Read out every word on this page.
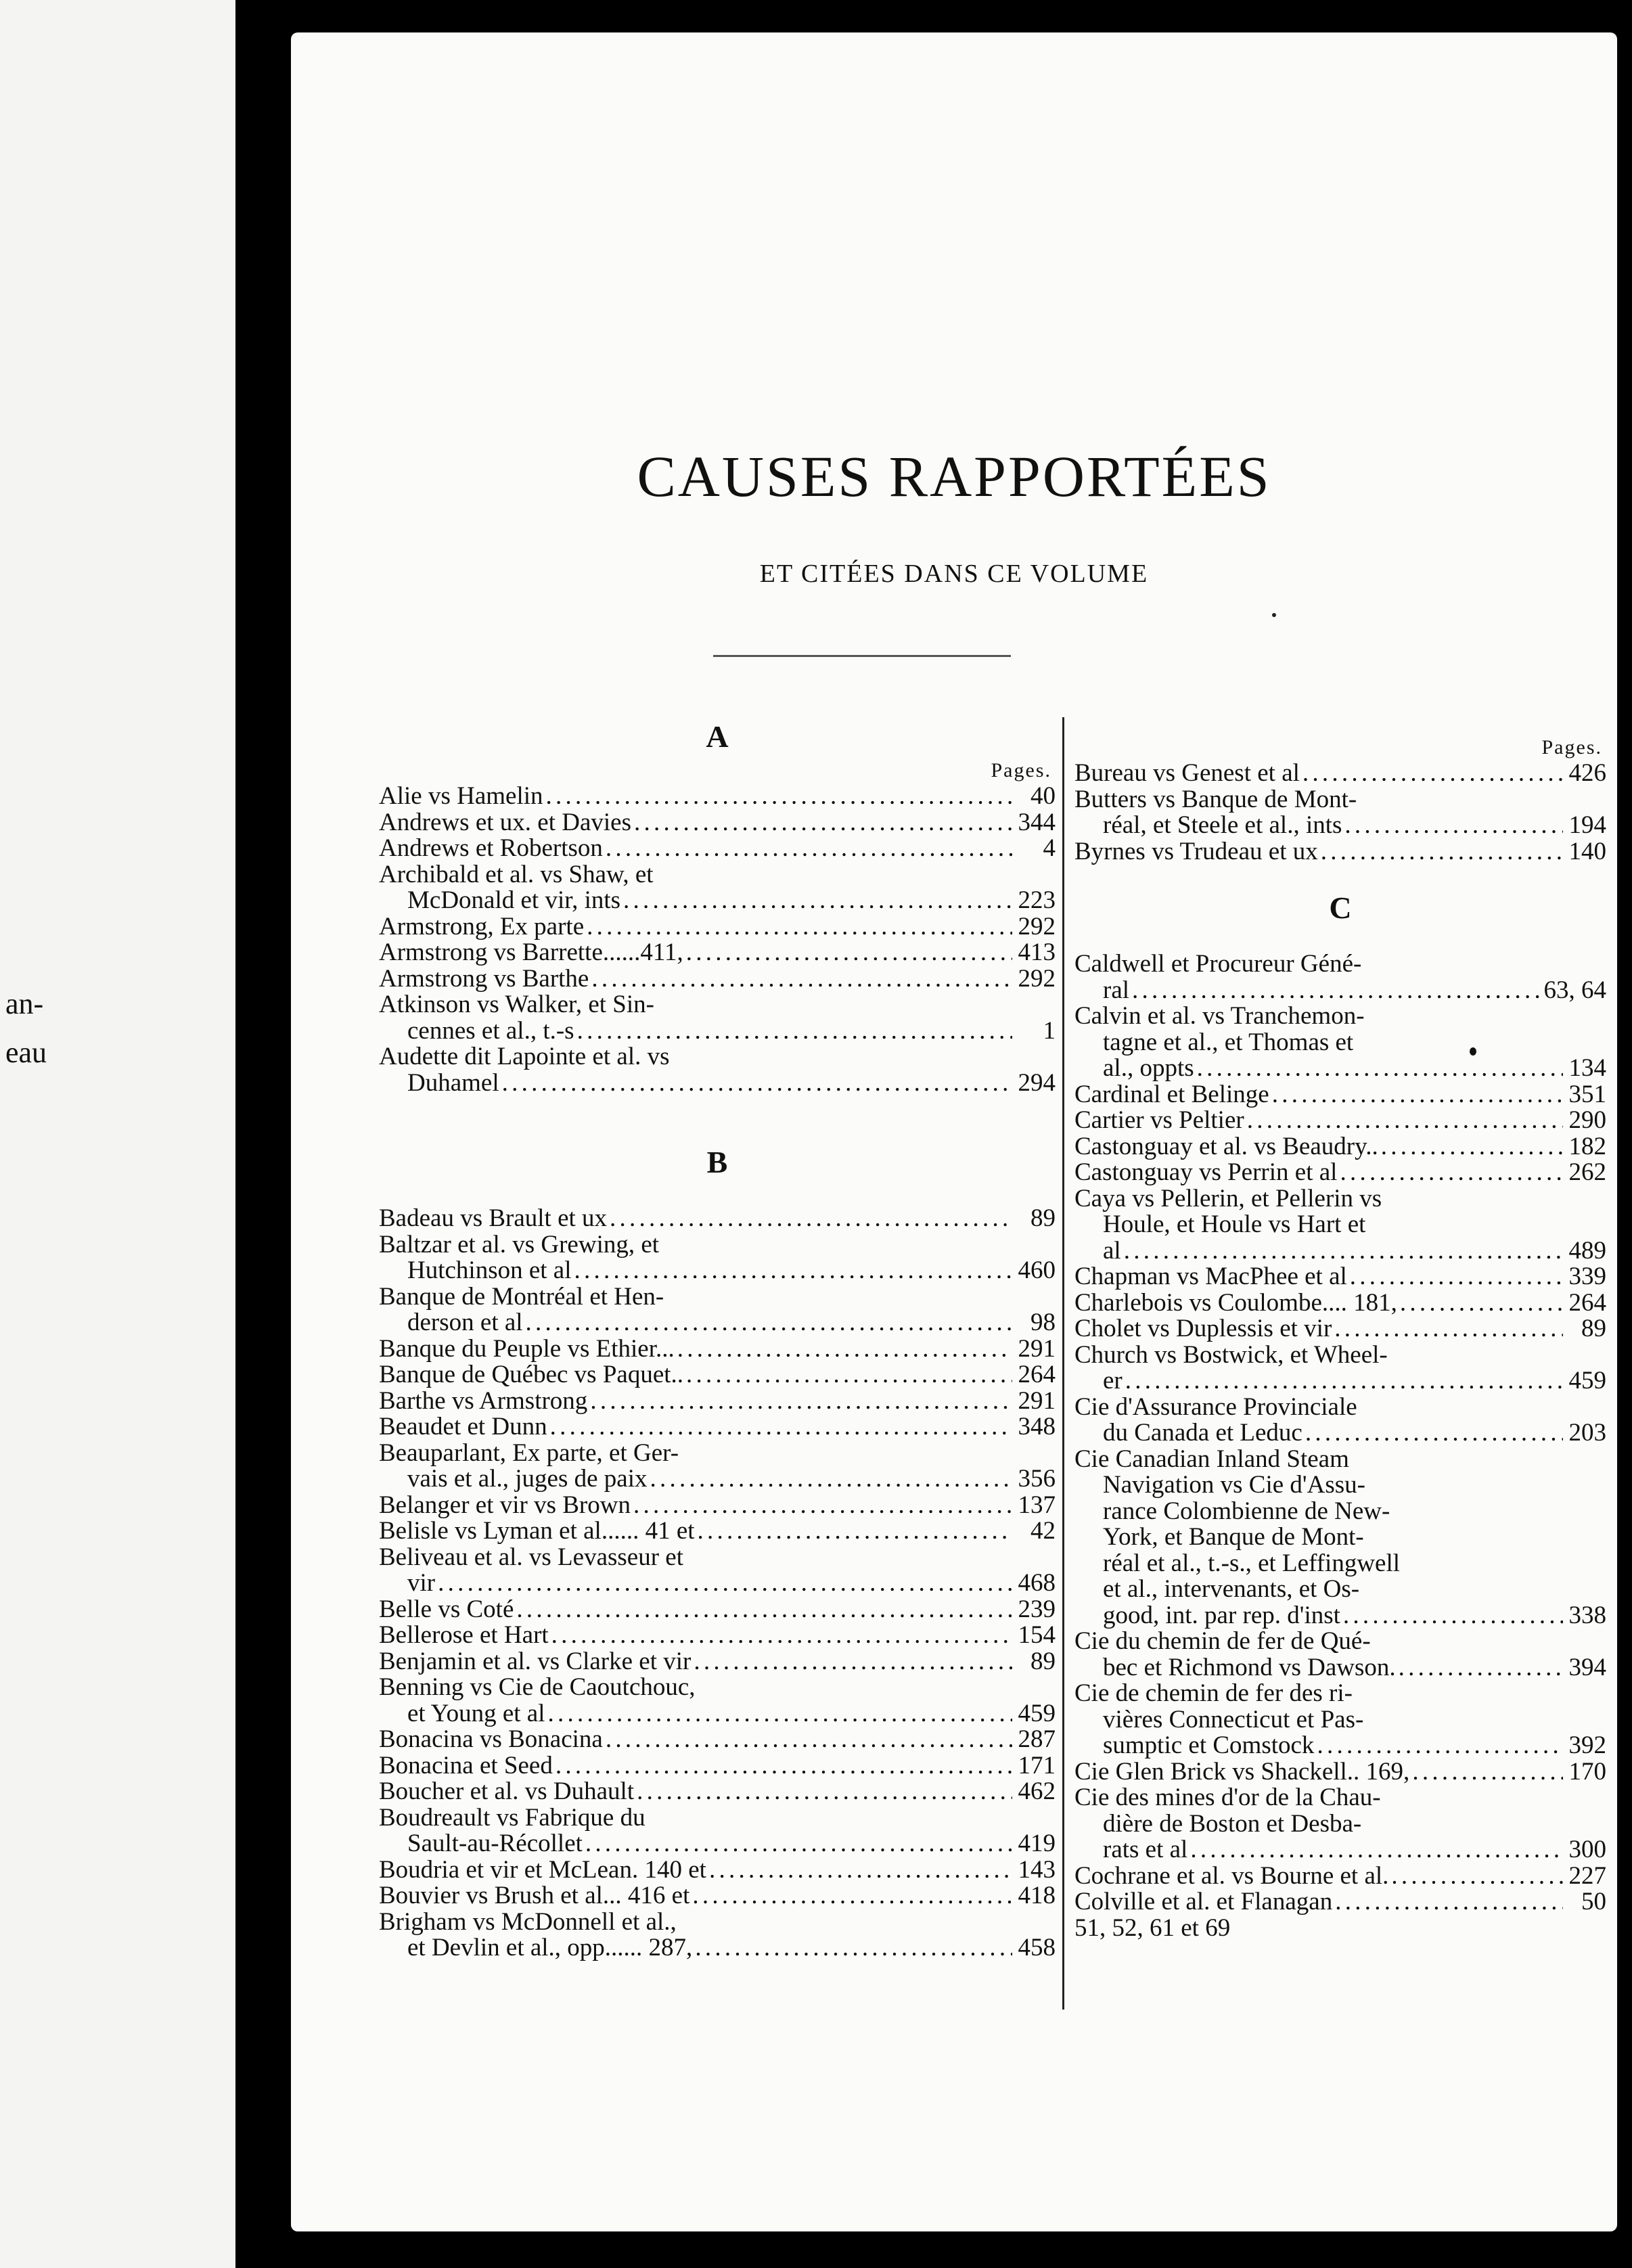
an-
eau
CAUSES RAPPORTÉES
ET CITÉES DANS CE VOLUME
A
Pages.
Alie vs Hamelin . . .	40
Andrews et ux. et Davies . . .	344
Andrews et Robertson . . .	4
Archibald et al. vs Shaw, et
McDonald et vir, ints . . .	223
Armstrong, Ex parte . . .	292
Armstrong vs Barrette......411, . . .	413
Armstrong vs Barthe . . .	292
Atkinson vs Walker, et Sin-
cennes et al., t.-s . . .	1
Audette dit Lapointe et al. vs
Duhamel . . .	294
B
Badeau vs Brault et ux . . .	89
Baltzar et al. vs Grewing, et
Hutchinson et al . . .	460
Banque de Montréal et Hen-
derson et al . . .	98
Banque du Peuple vs Ethier... . . .	291
Banque de Québec vs Paquet.. . . .	264
Barthe vs Armstrong . . .	291
Beaudet et Dunn . . .	348
Beauparlant, Ex parte, et Ger-
vais et al., juges de paix . . .	356
Belanger et vir vs Brown . . .	137
Belisle vs Lyman et al...... 41 et . . .	42
Beliveau et al. vs Levasseur et
vir . . .	468
Belle vs Coté . . .	239
Bellerose et Hart . . .	154
Benjamin et al. vs Clarke et vir . . .	89
Benning vs Cie de Caoutchouc,
et Young et al . . .	459
Bonacina vs Bonacina . . .	287
Bonacina et Seed . . .	171
Boucher et al. vs Duhault . . .	462
Boudreault vs Fabrique du
Sault-au-Récollet . . .	419
Boudria et vir et McLean. 140 et . . .	143
Bouvier vs Brush et al... 416 et . . .	418
Brigham vs McDonnell et al.,
et Devlin et al., opp...... 287, . . .	458
Pages.
Bureau vs Genest et al . . .	426
Butters vs Banque de Mont-
réal, et Steele et al., ints . . .	194
Byrnes vs Trudeau et ux . . .	140
C
Caldwell et Procureur Géné-
ral . . .	63, 64
Calvin et al. vs Tranchemon-
tagne et al., et Thomas et
al., oppts . . .	134
Cardinal et Belinge . . .	351
Cartier vs Peltier . . .	290
Castonguay et al. vs Beaudry.. . . .	182
Castonguay vs Perrin et al . . .	262
Caya vs Pellerin, et Pellerin vs
Houle, et Houle vs Hart et
al . . .	489
Chapman vs MacPhee et al . . .	339
Charlebois vs Coulombe.... 181, . . .	264
Cholet vs Duplessis et vir . . .	89
Church vs Bostwick, et Wheel-
er . . .	459
Cie d'Assurance Provinciale
du Canada et Leduc . . .	203
Cie Canadian Inland Steam
Navigation vs Cie d'Assu-
rance Colombienne de New-
York, et Banque de Mont-
réal et al., t.-s., et Leffingwell
et al., intervenants, et Os-
good, int. par rep. d'inst . . .	338
Cie du chemin de fer de Qué-
bec et Richmond vs Dawson. . . .	394
Cie de chemin de fer des ri-
vières Connecticut et Pas-
sumptic et Comstock . . .	392
Cie Glen Brick vs Shackell.. 169, . . .	170
Cie des mines d'or de la Chau-
dière de Boston et Desba-
rats et al . . .	300
Cochrane et al. vs Bourne et al. . . .	227
Colville et al. et Flanagan . . .	50
51, 52, 61 et 69
